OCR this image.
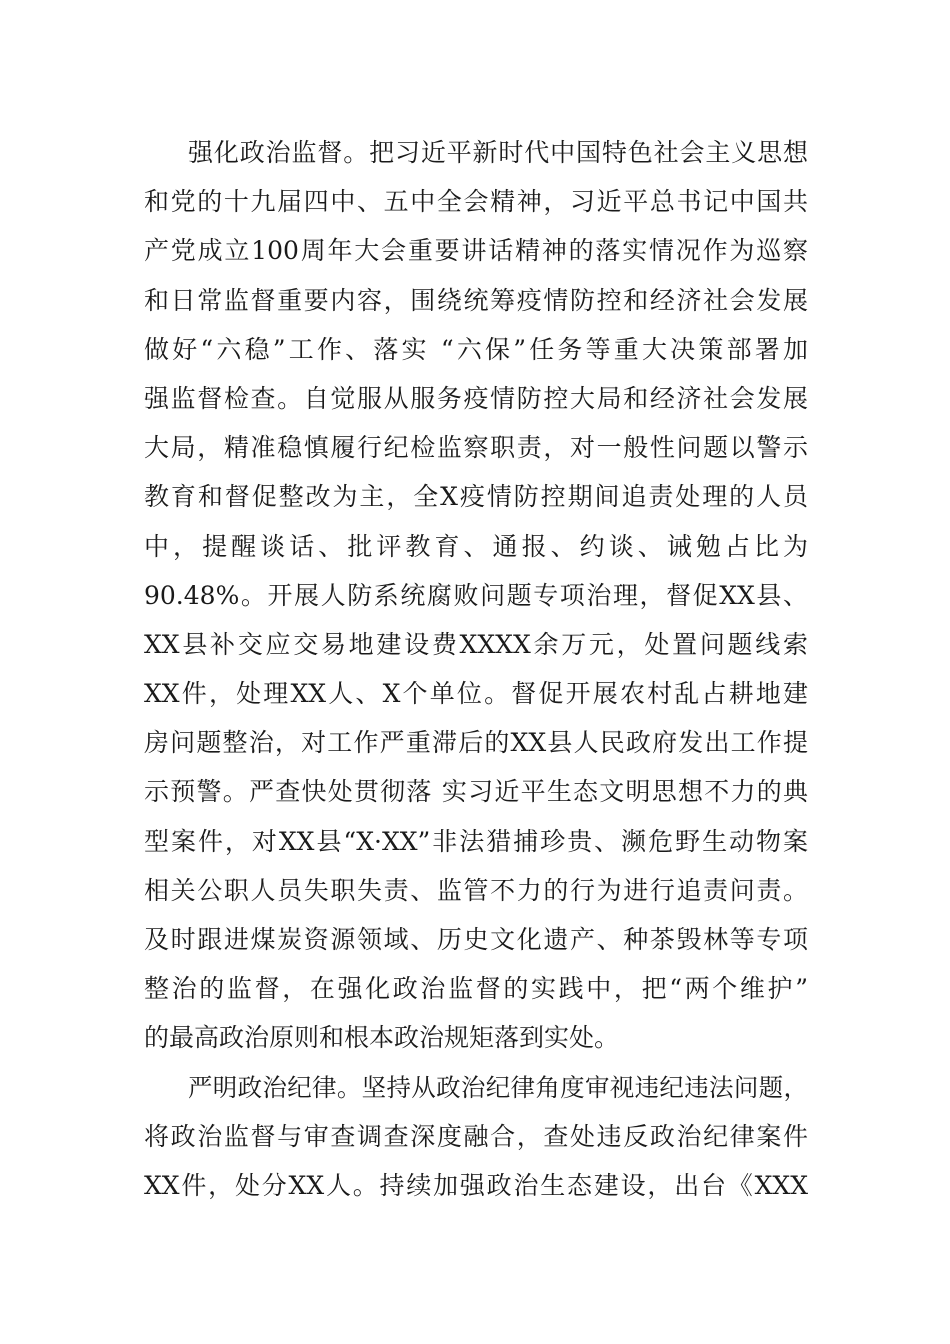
强化政治监督。把习近平新时代中国特色社会主义思想
和党的十九届四中、五中全会精神，习近平总书记中国共
产党成立100周年大会重要讲话精神的落实情况作为巡察
和日常监督重要内容，围绕统筹疫情防控和经济社会发展
做好“六稳”工作、落实 “六保”任务等重大决策部署加
强监督检查。自觉服从服务疫情防控大局和经济社会发展
大局，精准稳慎履行纪检监察职责，对一般性问题以警示
教育和督促整改为主，全X疫情防控期间追责处理的人员
中，提醒谈话、批评教育、通报、约谈、诫勉占比为
90.48%。开展人防系统腐败问题专项治理，督促XX县、
XX县补交应交易地建设费XXXX余万元，处置问题线索
XX件，处理XX人、X个单位。督促开展农村乱占耕地建
房问题整治，对工作严重滞后的XX县人民政府发出工作提
示预警。严查快处贯彻落 实习近平生态文明思想不力的典
型案件，对XX县“X·XX”非法猎捕珍贵、濒危野生动物案
相关公职人员失职失责、监管不力的行为进行追责问责。
及时跟进煤炭资源领域、历史文化遗产、种茶毁林等专项
整治的监督，在强化政治监督的实践中，把“两个维护”
的最高政治原则和根本政治规矩落到实处。
严明政治纪律。坚持从政治纪律角度审视违纪违法问题，
将政治监督与审查调查深度融合，查处违反政治纪律案件
XX件，处分XX人。持续加强政治生态建设，出台《XXX
